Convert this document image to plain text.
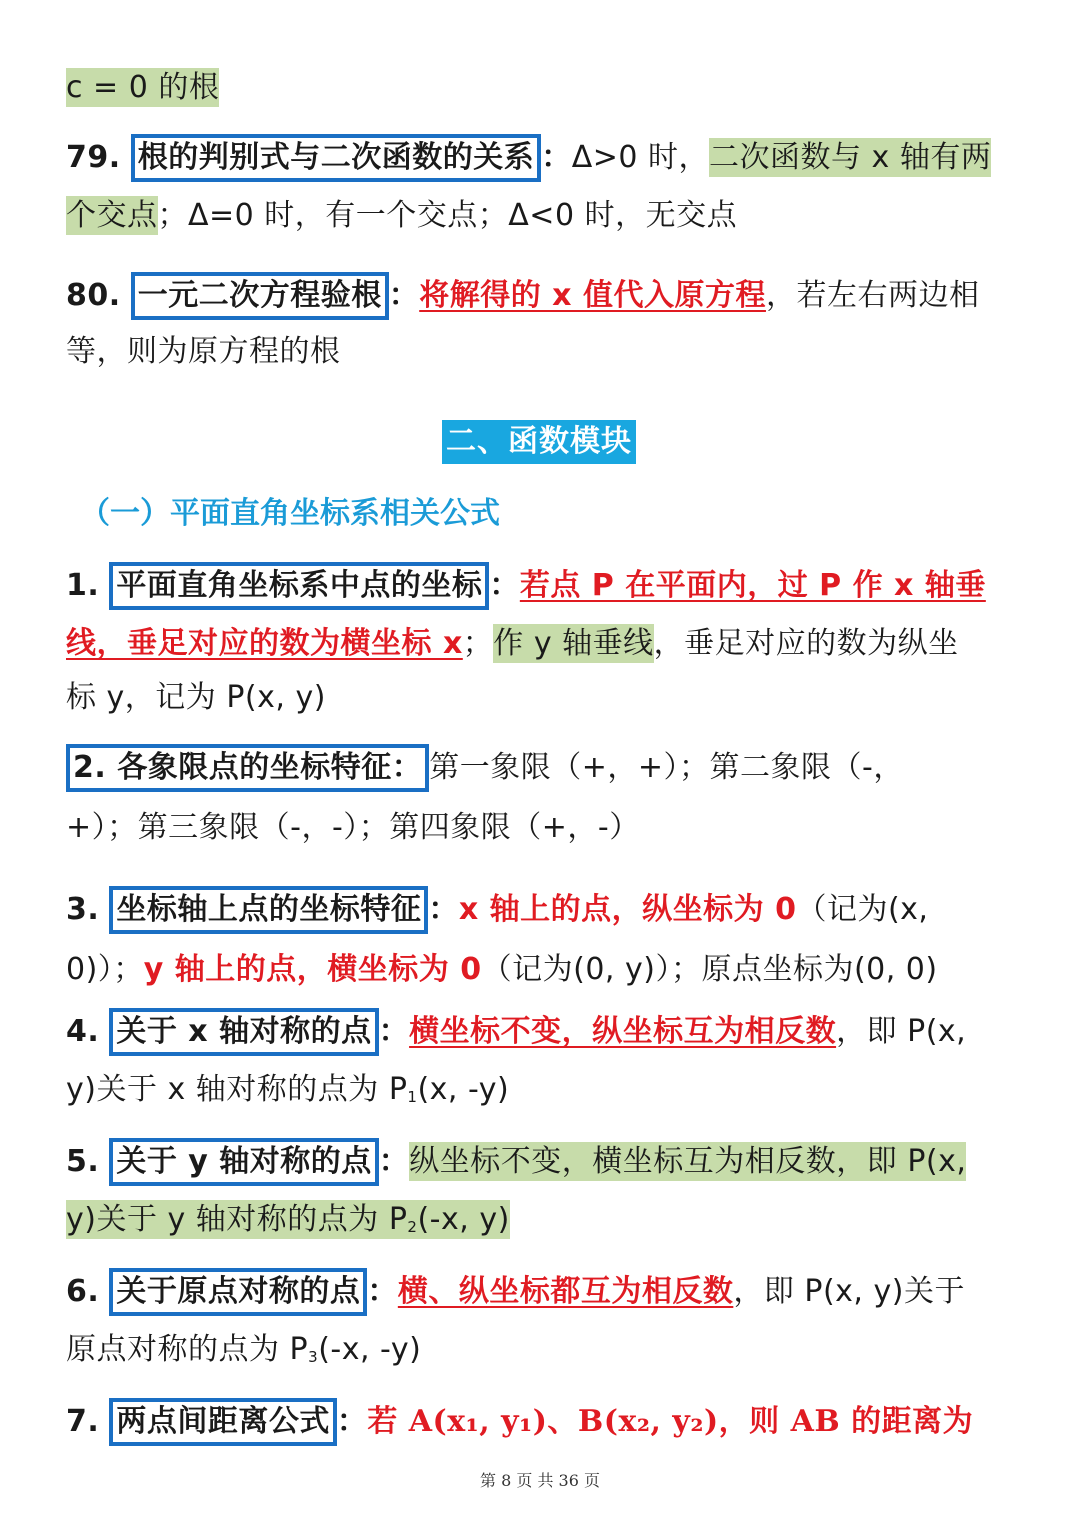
c = 0 的根
79. 根的判别式与二次函数的关系 ：Δ>0 时，二次函数与 x 轴有两
个交点；Δ=0 时，有一个交点；Δ<0 时，无交点
80. 一元二次方程验根 ：将解得的 x 值代入原方程，若左右两边相
等，则为原方程的根
二、函数模块
（一）平面直角坐标系相关公式
1. 平面直角坐标系中点的坐标 ：若点 P 在平面内，过 P 作 x 轴垂
线，垂足对应的数为横坐标 x；作 y 轴垂线，垂足对应的数为纵坐
标 y，记为 P(x, y)
2. 各象限点的坐标特征： 第一象限（+，+）；第二象限（-，
+）；第三象限（-，-）；第四象限（+，-）
3. 坐标轴上点的坐标特征 ：x 轴上的点，纵坐标为 0（记为(x,
0)）；y 轴上的点，横坐标为 0（记为(0, y)）；原点坐标为(0, 0)
4. 关于 x 轴对称的点 ：横坐标不变，纵坐标互为相反数，即 P(x,
y)关于 x 轴对称的点为 $P_1(x$, -y)
5. 关于 y 轴对称的点 ：纵坐标不变，横坐标互为相反数，即 P(x,
y)关于 y 轴对称的点为 $P_2(-x$, y)
6. 关于原点对称的点 ：横、纵坐标都互为相反数，即 P(x, y)关于
原点对称的点为 $P_3(-x$, -y)
7. 两点间距离公式 ：若 A(x₁, y₁)、B(x₂, y₂)，则 AB 的距离为
第 8 页 共 36 页
